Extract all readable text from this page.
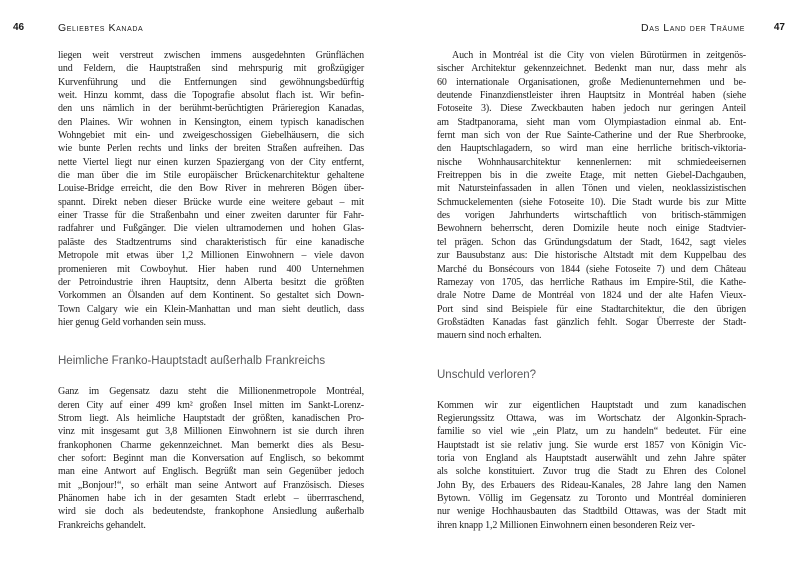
46	Geliebtes Kanada
liegen weit verstreut zwischen immens ausgedehnten Grünflächen
und Feldern, die Hauptstraßen sind mehrspurig mit großzügiger
Kurvenführung und die Entfernungen sind gewöhnungsbedürftig
weit. Hinzu kommt, dass die Topografie absolut flach ist. Wir befin-
den uns nämlich in der berühmt-berüchtigten Prärieregion Kanadas,
den Plaines. Wir wohnen in Kensington, einem typisch kanadischen
Wohngebiet mit ein- und zweigeschossigen Giebelhäusern, die sich
wie bunte Perlen rechts und links der breiten Straßen aufreihen. Das
nette Viertel liegt nur einen kurzen Spaziergang von der City entfernt,
die man über die im Stile europäischer Brückenarchitektur gehaltene
Louise-Bridge erreicht, die den Bow River in mehreren Bögen über-
spannt. Direkt neben dieser Brücke wurde eine weitere gebaut – mit
einer Trasse für die Straßenbahn und einer zweiten darunter für Fahr-
radfahrer und Fußgänger. Die vielen ultramodernen und hohen Glas-
paläste des Stadtzentrums sind charakteristisch für eine kanadische
Metropole mit etwas über 1,2 Millionen Einwohnern – viele davon
promenieren mit Cowboyhut. Hier haben rund 400 Unternehmen
der Petroindustrie ihren Hauptsitz, denn Alberta besitzt die größten
Vorkommen an Ölsanden auf dem Kontinent. So gestaltet sich Down-
Town Calgary wie ein Klein-Manhattan und man sieht deutlich, dass
hier genug Geld vorhanden sein muss.
Heimliche Franko-Hauptstadt außerhalb Frankreichs
Ganz im Gegensatz dazu steht die Millionenmetropole Montréal,
deren City auf einer 499 km² großen Insel mitten im Sankt-Lorenz-
Strom liegt. Als heimliche Hauptstadt der größten, kanadischen Pro-
vinz mit insgesamt gut 3,8 Millionen Einwohnern ist sie durch ihren
frankophonen Charme gekennzeichnet. Man bemerkt dies als Besu-
cher sofort: Beginnt man die Konversation auf Englisch, so bekommt
man eine Antwort auf Englisch. Begrüßt man sein Gegenüber jedoch
mit „Bonjour!“, so erhält man seine Antwort auf Französisch. Dieses
Phänomen habe ich in der gesamten Stadt erlebt – überrraschend,
wird sie doch als bedeutendste, frankophone Ansiedlung außerhalb
Frankreichs gehandelt.
Das Land der Träume	47
Auch in Montréal ist die City von vielen Bürotürmen in zeitgenös-
sischer Architektur gekennzeichnet. Bedenkt man nur, dass mehr als
60 internationale Organisationen, große Medienunternehmen und be-
deutende Finanzdienstleister ihren Hauptsitz in Montréal haben (siehe
Fotoseite 3). Diese Zweckbauten haben jedoch nur geringen Anteil
am Stadtpanorama, sieht man vom Olympiastadion einmal ab. Ent-
fernt man sich von der Rue Sainte-Catherine und der Rue Sherbrooke,
den Hauptschlagadern, so wird man eine herrliche britisch-viktoria-
nische Wohnhausarchitektur kennenlernen: mit schmiedeeisernen
Freitreppen bis in die zweite Etage, mit netten Giebel-Dachgauben,
mit Natursteinfassaden in allen Tönen und vielen, neoklassizistischen
Schmuckelementen (siehe Fotoseite 10). Die Stadt wurde bis zur Mitte
des vorigen Jahrhunderts wirtschaftlich von britisch-stämmigen
Bewohnern beherrscht, deren Domizile heute noch einige Stadtvier-
tel prägen. Schon das Gründungsdatum der Stadt, 1642, sagt vieles
zur Bausubstanz aus: Die historische Altstadt mit dem Kuppelbau des
Marché du Bonsécours von 1844 (siehe Fotoseite 7) und dem Château
Ramezay von 1705, das herrliche Rathaus im Empire-Stil, die Kathe-
drale Notre Dame de Montréal von 1824 und der alte Hafen Vieux-
Port sind sind Beispiele für eine Stadtarchitektur, die den übrigen
Großstädten Kanadas fast gänzlich fehlt. Sogar Überreste der Stadt-
mauern sind noch erhalten.
Unschuld verloren?
Kommen wir zur eigentlichen Hauptstadt und zum kanadischen
Regierungssitz Ottawa, was im Wortschatz der Algonkin-Sprach-
familie so viel wie „ein Platz, um zu handeln“ bedeutet. Für eine
Hauptstadt ist sie relativ jung. Sie wurde erst 1857 von Königin Vic-
toria von England als Hauptstadt auserwählt und zehn Jahre später
als solche konstituiert. Zuvor trug die Stadt zu Ehren des Colonel
John By, des Erbauers des Rideau-Kanales, 28 Jahre lang den Namen
Bytown. Völlig im Gegensatz zu Toronto und Montréal dominieren
nur wenige Hochhausbauten das Stadtbild Ottawas, was der Stadt mit
ihren knapp 1,2 Millionen Einwohnern einen besonderen Reiz ver-
